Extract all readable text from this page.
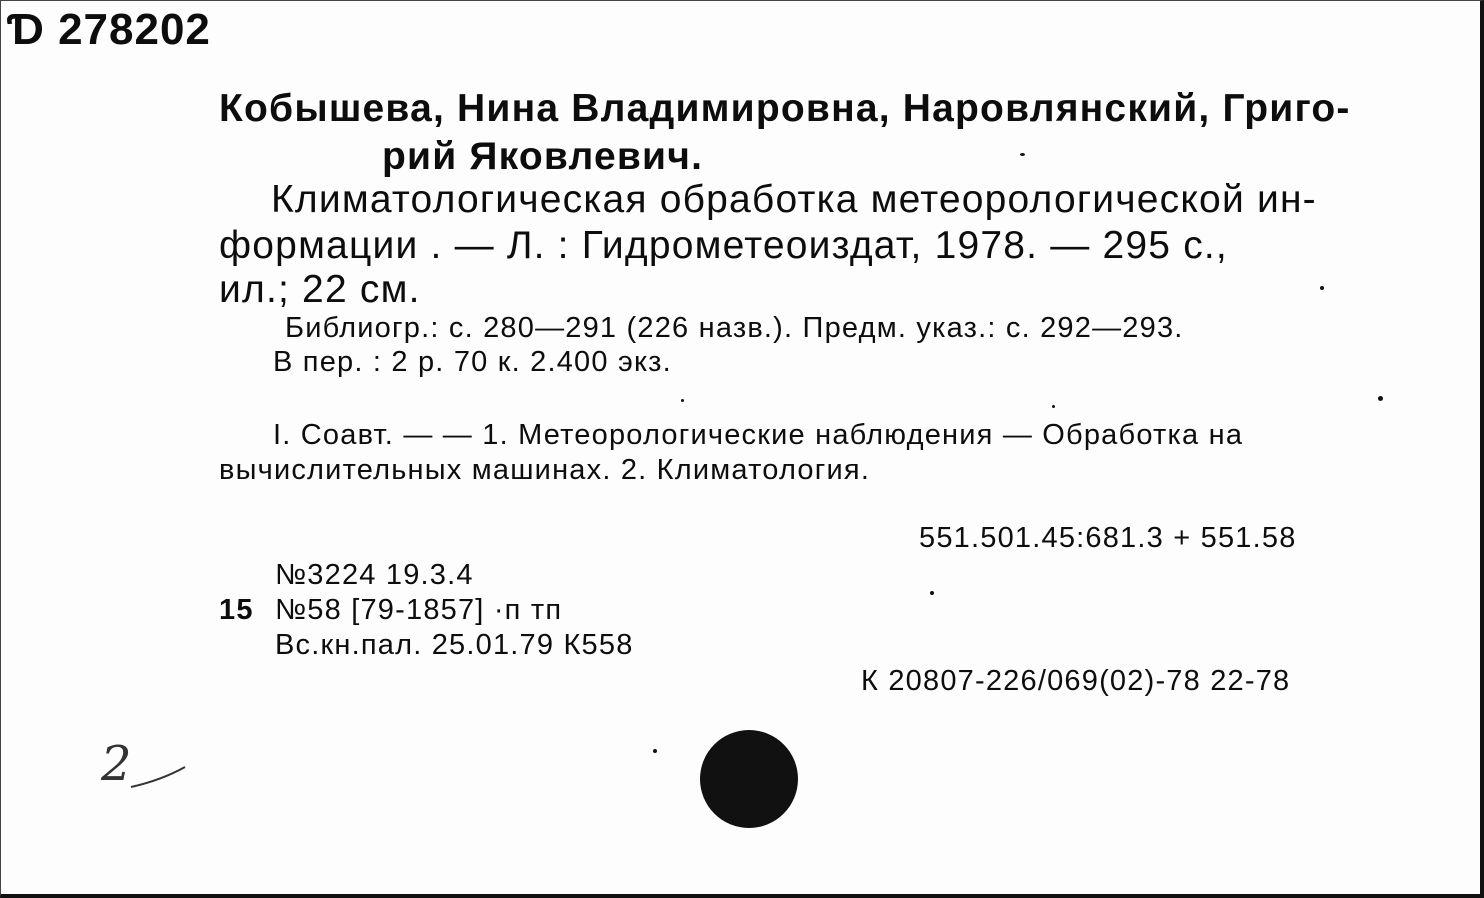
Ɗ 278202
Кобышева, Нина Владимировна, Наровлянский, Григо-
рий Яковлевич.
Климатологическая обработка метеорологической ин-
формации . — Л. : Гидрометеоиздат, 1978. — 295 с.,
ил.; 22 см.
Библиогр.: с. 280—291 (226 назв.). Предм. указ.: с. 292—293.
В пер. : 2 р. 70 к. 2.400 экз.
I. Соавт. — — 1. Метеорологические наблюдения — Обработка на
вычислительных машинах. 2. Климатология.
551.501.45:681.3 + 551.58
№3224 19.3.4
15 №58 [79-1857] ·п тп
Вс.кн.пал. 25.01.79 К558
К 20807-226/069(02)-78 22-78
2
